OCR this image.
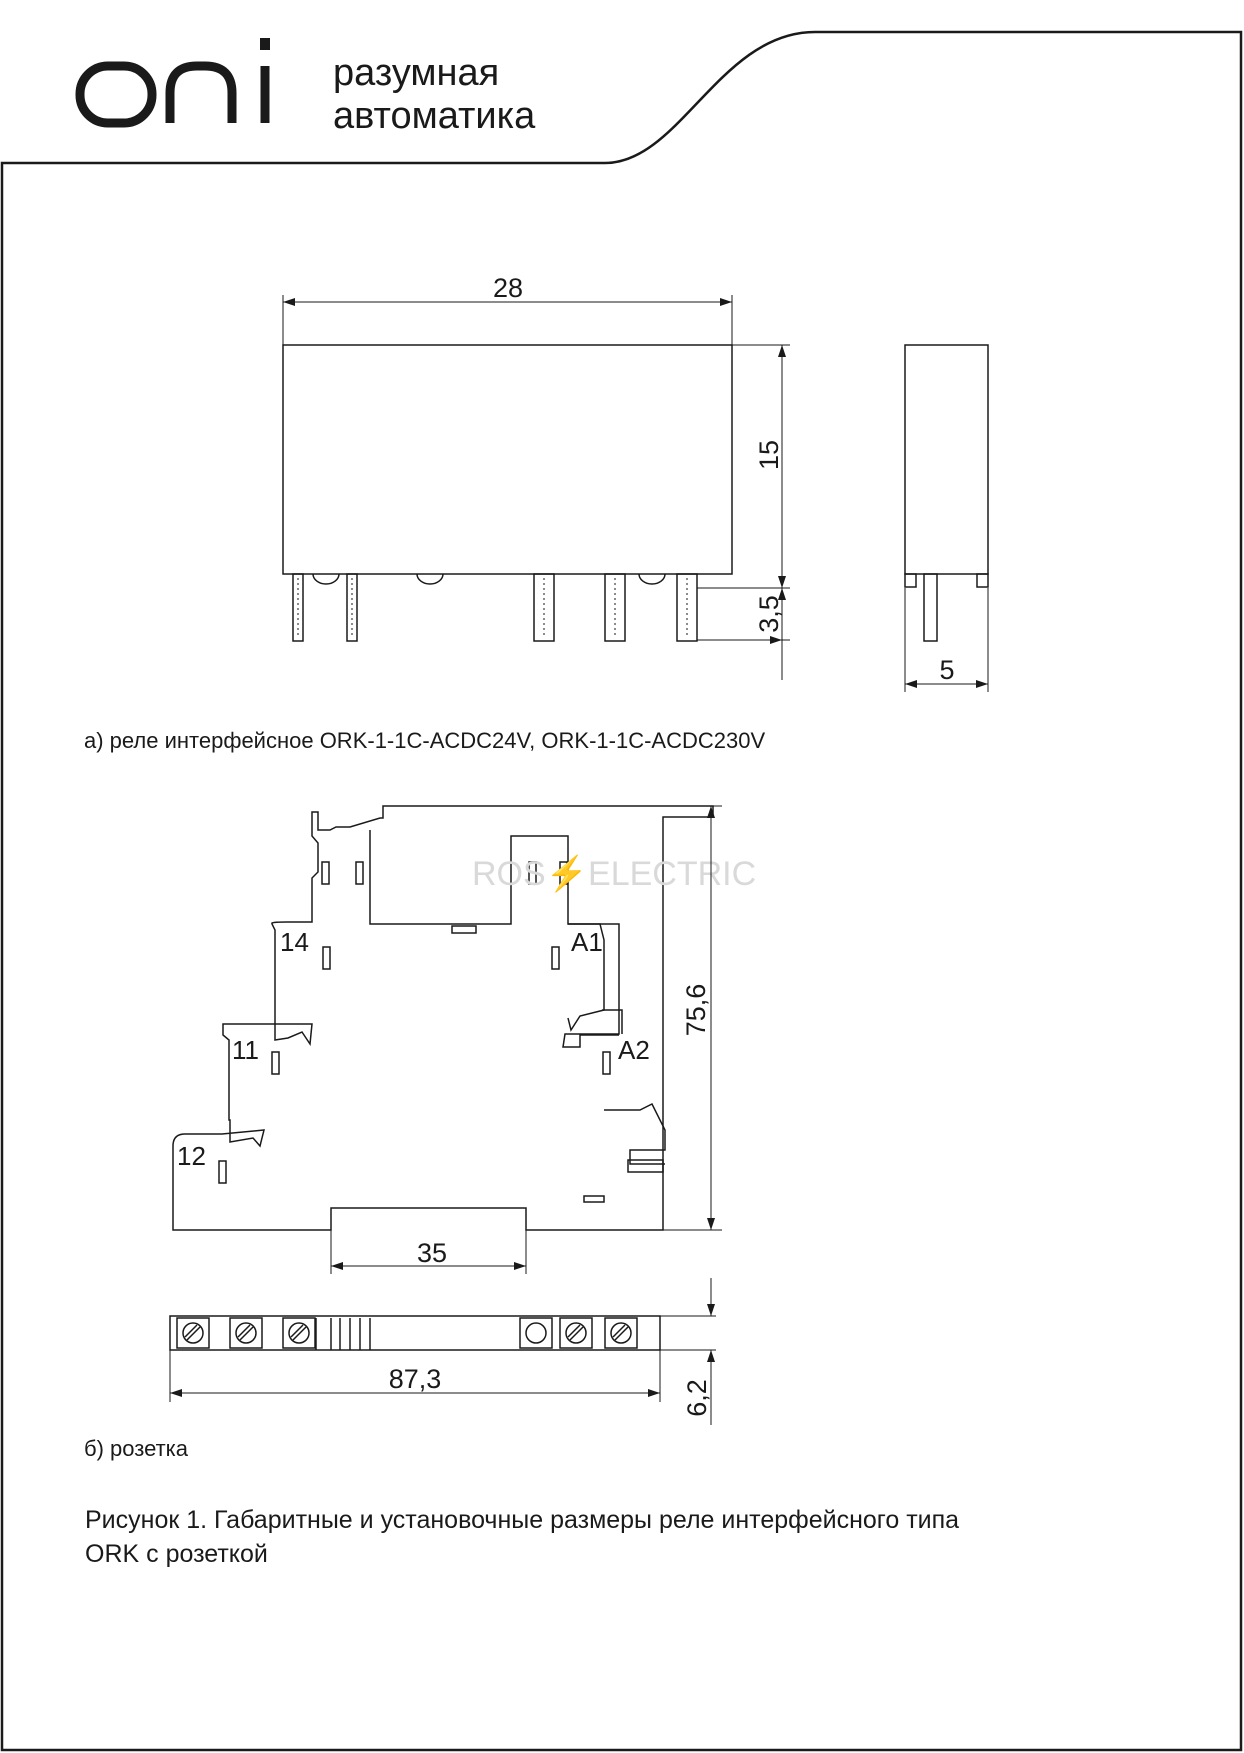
разумная
автоматика
28
15
3,5
5
14	A1
11	A2
12
ROS⚡ELECTRIC
75,6
35
87,3
6,2
а) реле интерфейсное ORK-1-1C-ACDC24V, ORK-1-1C-ACDC230V
б) розетка
Рисунок 1. Габаритные и установочные размеры реле интерфейсного типа
ORK с розеткой
